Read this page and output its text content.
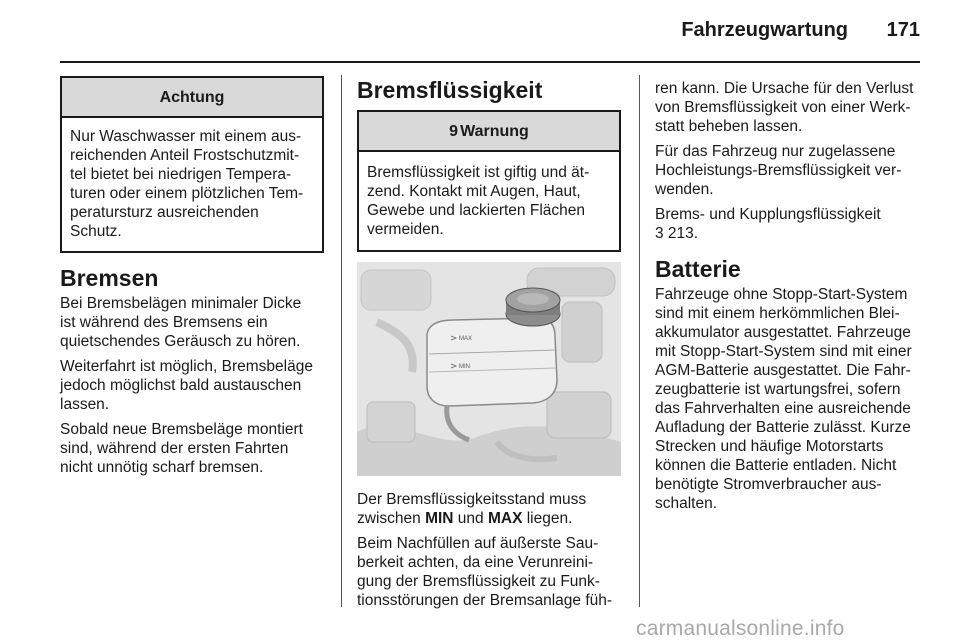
Fahrzeugwartung 171
Achtung
Nur Waschwasser mit einem aus-
reichenden Anteil Frostschutzmit-
tel bietet bei niedrigen Tempera-
turen oder einem plötzlichen Tem-
peratursturz ausreichenden
Schutz.
Bremsen

Bei Bremsbelägen minimaler Dicke
ist während des Bremsens ein
quietschendes Geräusch zu hören.

Weiterfahrt ist möglich, Bremsbeläge
jedoch möglichst bald austauschen
lassen.

Sobald neue Bremsbeläge montiert
sind, während der ersten Fahrten
nicht unnötig scharf bremsen.

Bremsflüssigkeit
9 Warnung
Bremsflüssigkeit ist giftig und ät-
zend. Kontakt mit Augen, Haut,
Gewebe und lackierten Flächen
vermeiden.
MAX
MIN

Der Bremsflüssigkeitsstand muss
zwischen MIN und MAX liegen.

Beim Nachfüllen auf äußerste Sau-
berkeit achten, da eine Verunreini-
gung der Bremsflüssigkeit zu Funk-
tionsstörungen der Bremsanlage füh-

ren kann. Die Ursache für den Verlust
von Bremsflüssigkeit von einer Werk-
statt beheben lassen.

Für das Fahrzeug nur zugelassene
Hochleistungs-Bremsflüssigkeit ver-
wenden.

Brems- und Kupplungsflüssigkeit
3 213.

Batterie

Fahrzeuge ohne Stopp-Start-System
sind mit einem herkömmlichen Blei-
akkumulator ausgestattet. Fahrzeuge
mit Stopp-Start-System sind mit einer
AGM-Batterie ausgestattet. Die Fahr-
zeugbatterie ist wartungsfrei, sofern
das Fahrverhalten eine ausreichende
Aufladung der Batterie zulässt. Kurze
Strecken und häufige Motorstarts
können die Batterie entladen. Nicht
benötigte Stromverbraucher aus-
schalten.

carmanualsonline.info
